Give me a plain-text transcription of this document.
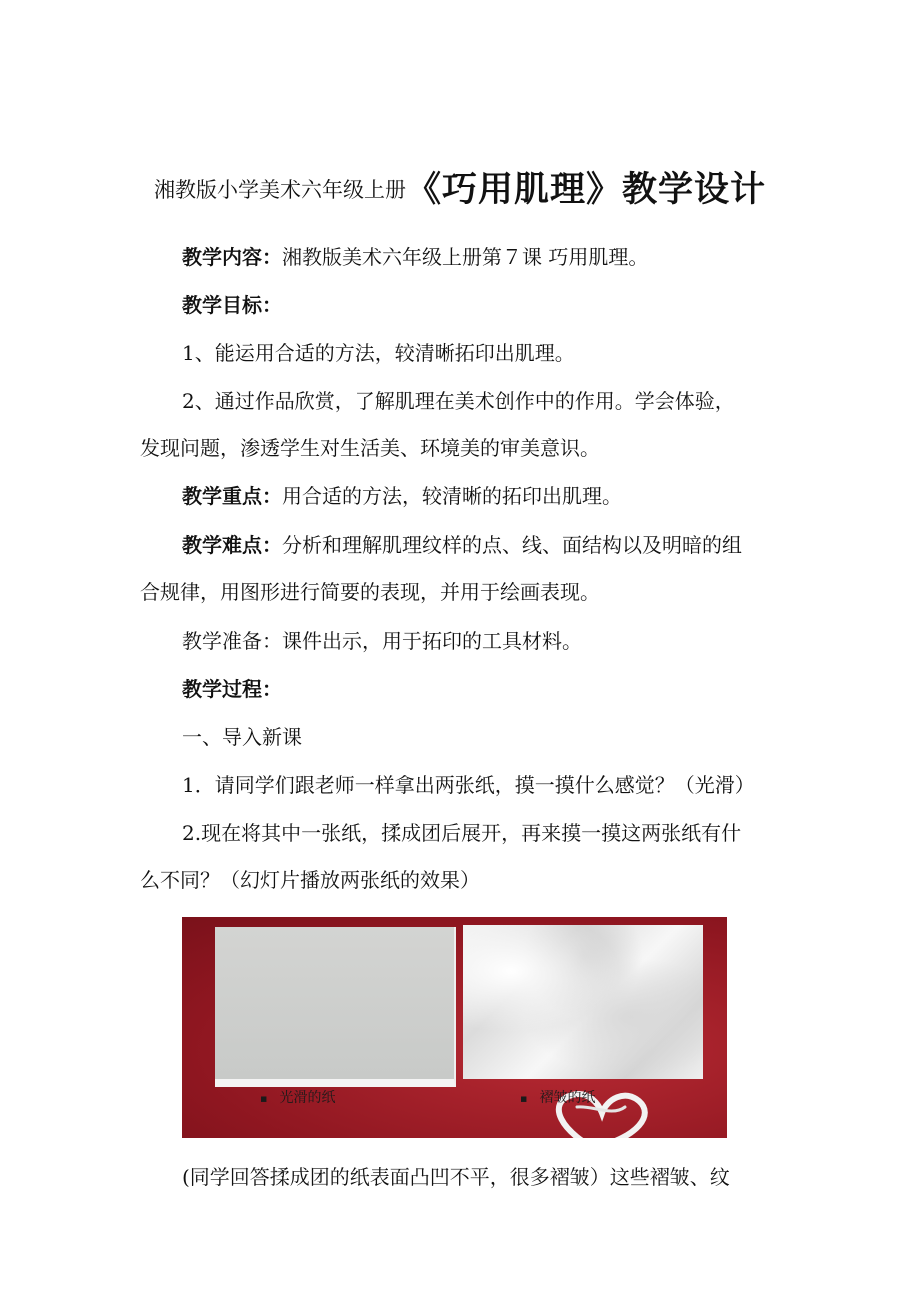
湘教版小学美术六年级上册《巧用肌理》教学设计
教学内容：湘教版美术六年级上册第７课 巧用肌理。
教学目标：
1、能运用合适的方法，较清晰拓印出肌理。
2、通过作品欣赏，了解肌理在美术创作中的作用。学会体验，
发现问题，渗透学生对生活美、环境美的审美意识。
教学重点：用合适的方法，较清晰的拓印出肌理。
教学难点：分析和理解肌理纹样的点、线、面结构以及明暗的组
合规律，用图形进行简要的表现，并用于绘画表现。
教学准备：课件出示，用于拓印的工具材料。
教学过程：
一、导入新课
1．请同学们跟老师一样拿出两张纸，摸一摸什么感觉？（光滑）
2.现在将其中一张纸，揉成团后展开，再来摸一摸这两张纸有什
么不同？（幻灯片播放两张纸的效果）
▪ 光滑的纸	▪ 褶皱的纸
(同学回答揉成团的纸表面凸凹不平，很多褶皱）这些褶皱、纹
